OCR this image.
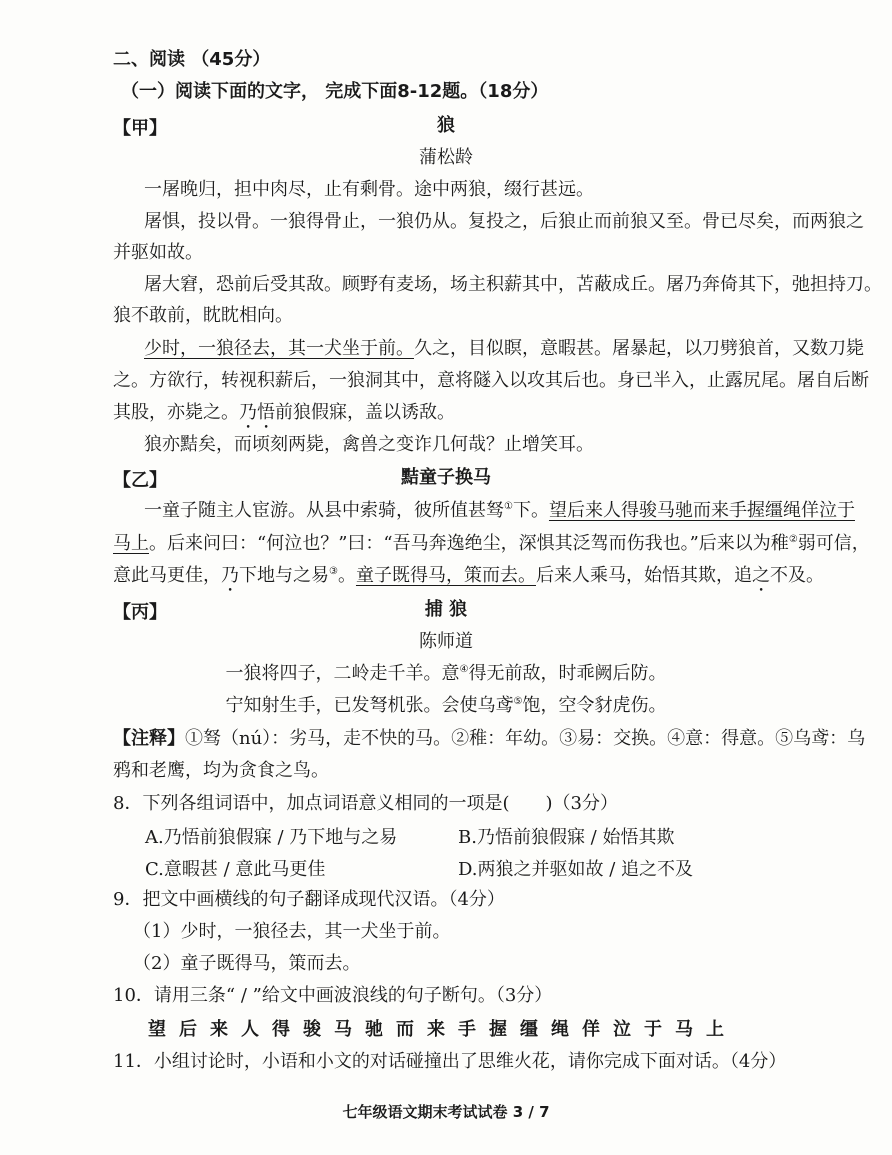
二、阅读 （45分）
（一）阅读下面的文字， 完成下面8-12题。（18分）
【甲】	狼
蒲松龄
一屠晚归，担中肉尽，止有剩骨。途中两狼，缀行甚远。
屠惧，投以骨。一狼得骨止，一狼仍从。复投之，后狼止而前狼又至。骨已尽矣，而两狼之
并驱如故。
屠大窘，恐前后受其敌。顾野有麦场，场主积薪其中，苫蔽成丘。屠乃奔倚其下，弛担持刀。
狼不敢前，眈眈相向。
少时，一狼径去，其一犬坐于前。久之，目似瞑，意暇甚。屠暴起，以刀劈狼首，又数刀毙
之。方欲行，转视积薪后，一狼洞其中，意将隧入以攻其后也。身已半入，止露尻尾。屠自后断
其股，亦毙之。乃悟前狼假寐，盖以诱敌。
狼亦黠矣，而顷刻两毙，禽兽之变诈几何哉？止增笑耳。
【乙】	黠童子换马
一童子随主人宦游。从县中索骑，彼所值甚驽①下。望后来人得骏马驰而来手握缰绳佯泣于
马上。后来问曰：“何泣也？”曰：“吾马奔逸绝尘，深惧其泛驾而伤我也。”后来以为稚②弱可信，
意此马更佳，乃下地与之易③。童子既得马，策而去。后来人乘马，始悟其欺，追之不及。
【丙】	捕 狼
陈师道
一狼将四子，二岭走千羊。意④得无前敌，时乖阙后防。
宁知射生手，已发弩机张。会使乌鸢⑤饱，空令豺虎伤。
【注释】①驽（nú）：劣马，走不快的马。②稚：年幼。③易：交换。④意：得意。⑤乌鸢：乌
鸦和老鹰，均为贪食之鸟。
8．下列各组词语中，加点词语意义相同的一项是(　　)（3分）
A.乃悟前狼假寐 / 乃下地与之易	B.乃悟前狼假寐 / 始悟其欺
C.意暇甚 / 意此马更佳	D.两狼之并驱如故 / 追之不及
9．把文中画横线的句子翻译成现代汉语。（4分）
（1）少时，一狼径去，其一犬坐于前。
（2）童子既得马，策而去。
10．请用三条“ / ”给文中画波浪线的句子断句。（3分）
望后来人得骏马驰而来手握缰绳佯泣于马上
11．小组讨论时，小语和小文的对话碰撞出了思维火花，请你完成下面对话。（4分）
七年级语文期末考试试卷 3 / 7
